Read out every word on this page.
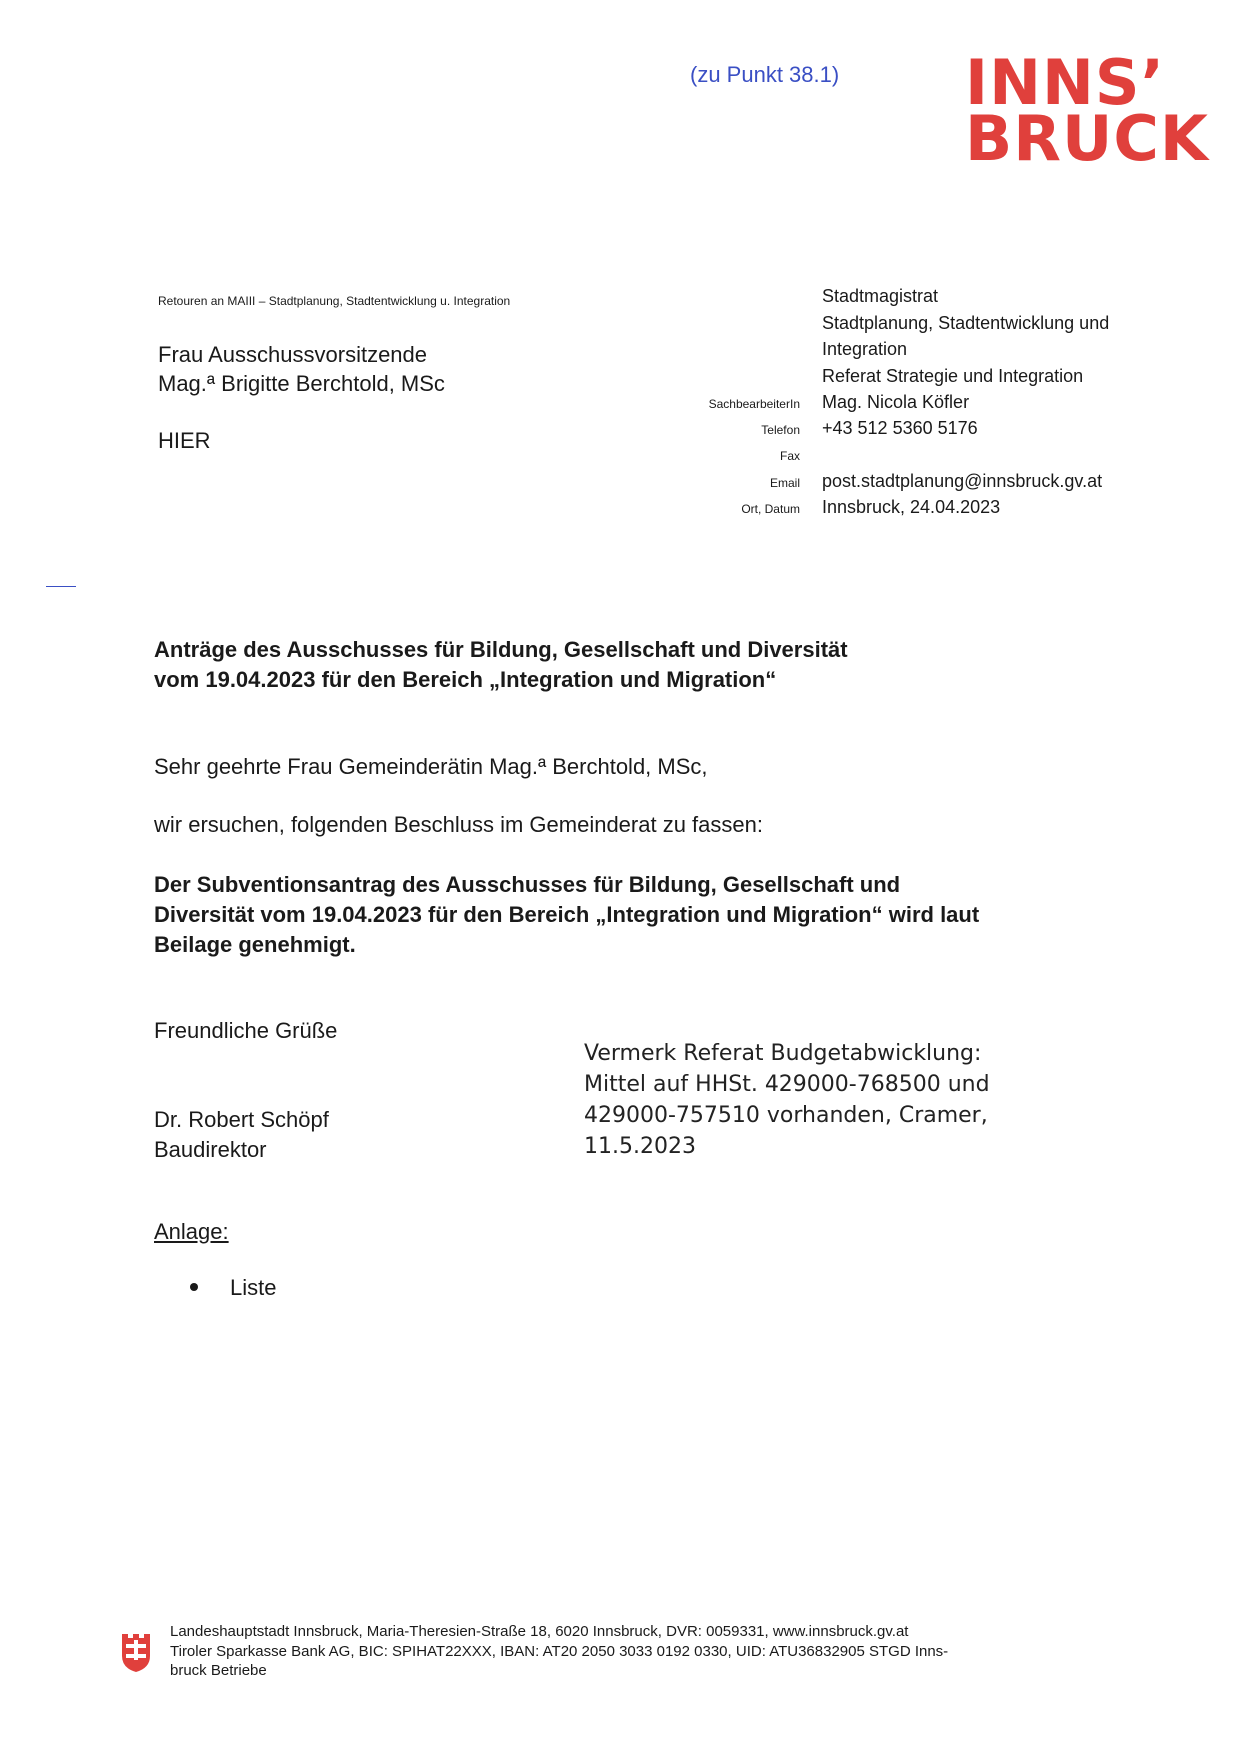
(zu Punkt 38.1) INNS’
BRUCK
Retouren an MAIII – Stadtplanung, Stadtentwicklung u. Integration
Frau Ausschussvorsitzende
Mag.ª Brigitte Berchtold, MSc
HIER
SachbearbeiterIn
Telefon
Fax
Email
Ort, Datum
Stadtmagistrat
Stadtplanung, Stadtentwicklung und
Integration
Referat Strategie und Integration
Mag. Nicola Köfler
+43 512 5360 5176
post.stadtplanung@innsbruck.gv.at
Innsbruck, 24.04.2023
Anträge des Ausschusses für Bildung, Gesellschaft und Diversität
vom 19.04.2023 für den Bereich „Integration und Migration“
Sehr geehrte Frau Gemeinderätin Mag.ª Berchtold, MSc,
wir ersuchen, folgenden Beschluss im Gemeinderat zu fassen:
Der Subventionsantrag des Ausschusses für Bildung, Gesellschaft und
Diversität vom 19.04.2023 für den Bereich „Integration und Migration“ wird laut
Beilage genehmigt.
Freundliche Grüße
Dr. Robert Schöpf
Baudirektor
Vermerk Referat Budgetabwicklung:
Mittel auf HHSt. 429000-768500 und
429000-757510 vorhanden, Cramer,
11.5.2023
Anlage:
Liste
Landeshauptstadt Innsbruck, Maria-Theresien-Straße 18, 6020 Innsbruck, DVR: 0059331, www.innsbruck.gv.at
Tiroler Sparkasse Bank AG, BIC: SPIHAT22XXX, IBAN: AT20 2050 3033 0192 0330, UID: ATU36832905 STGD Inns-
bruck Betriebe
